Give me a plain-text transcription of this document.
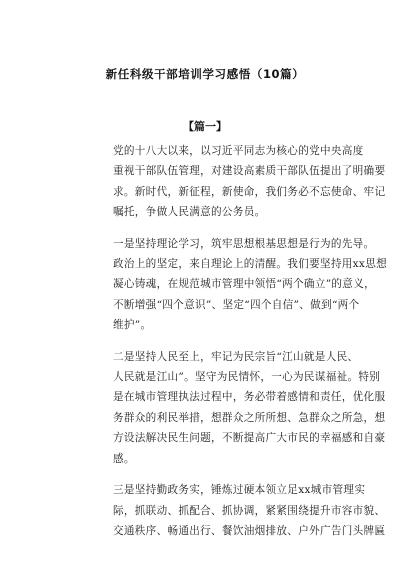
新任科级干部培训学习感悟（10篇）
【篇一】

党的十八大以来，以习近平同志为核心的党中央高度
重视干部队伍管理，对建设高素质干部队伍提出了明确要
求。新时代，新征程，新使命，我们务必不忘使命、牢记
嘱托，争做人民满意的公务员。

一是坚持理论学习，筑牢思想根基思想是行为的先导。
政治上的坚定，来自理论上的清醒。我们要坚持用xx思想
凝心铸魂，在规范城市管理中领悟“两个确立”的意义，
不断增强“四个意识”、坚定“四个自信”、做到“两个
维护”。

二是坚持人民至上，牢记为民宗旨“江山就是人民、
人民就是江山”。坚守为民情怀，一心为民谋福祉。特别
是在城市管理执法过程中，务必带着感情和责任，优化服
务群众的利民举措，想群众之所所想、急群众之所急，想
方设法解决民生问题，不断提高广大市民的幸福感和自豪
感。

三是坚持勤政务实，锤炼过硬本领立足xx城市管理实
际，抓联动、抓配合、抓协调，紧紧围绕提升市容市貌、
交通秩序、畅通出行、餐饮油烟排放、户外广告门头牌匾
